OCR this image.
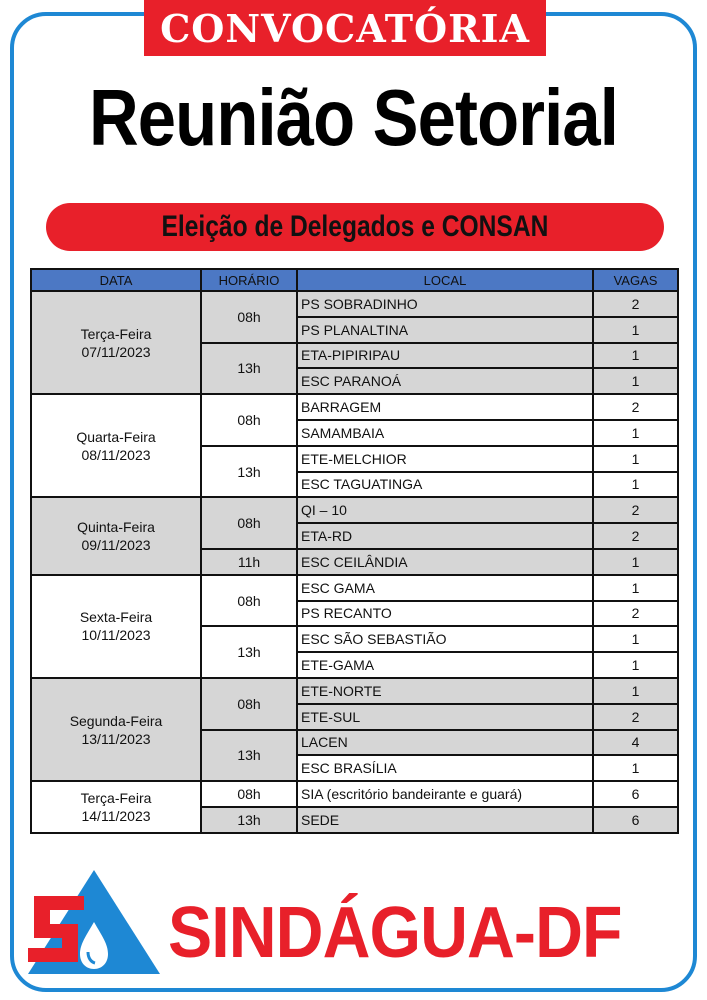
CONVOCATÓRIA
Reunião Setorial
Eleição de Delegados e CONSAN
DATA	HORÁRIO	LOCAL	VAGAS
Terça-Feira
07/11/2023	08h	PS SOBRADINHO	2
		PS PLANALTINA	1
	13h	ETA-PIPIRIPAU	1
		ESC PARANOÁ	1
Quarta-Feira
08/11/2023	08h	BARRAGEM	2
		SAMAMBAIA	1
	13h	ETE-MELCHIOR	1
		ESC TAGUATINGA	1
Quinta-Feira
09/11/2023	08h	QI – 10	2
		ETA-RD	2
	11h	ESC CEILÂNDIA	1
Sexta-Feira
10/11/2023	08h	ESC GAMA	1
		PS RECANTO	2
	13h	ESC SÃO SEBASTIÃO	1
		ETE-GAMA	1
Segunda-Feira
13/11/2023	08h	ETE-NORTE	1
		ETE-SUL	2
	13h	LACEN	4
		ESC BRASÍLIA	1
Terça-Feira
14/11/2023	08h	SIA (escritório bandeirante e guará)	6
	13h	SEDE	6
SINDÁGUA-DF
